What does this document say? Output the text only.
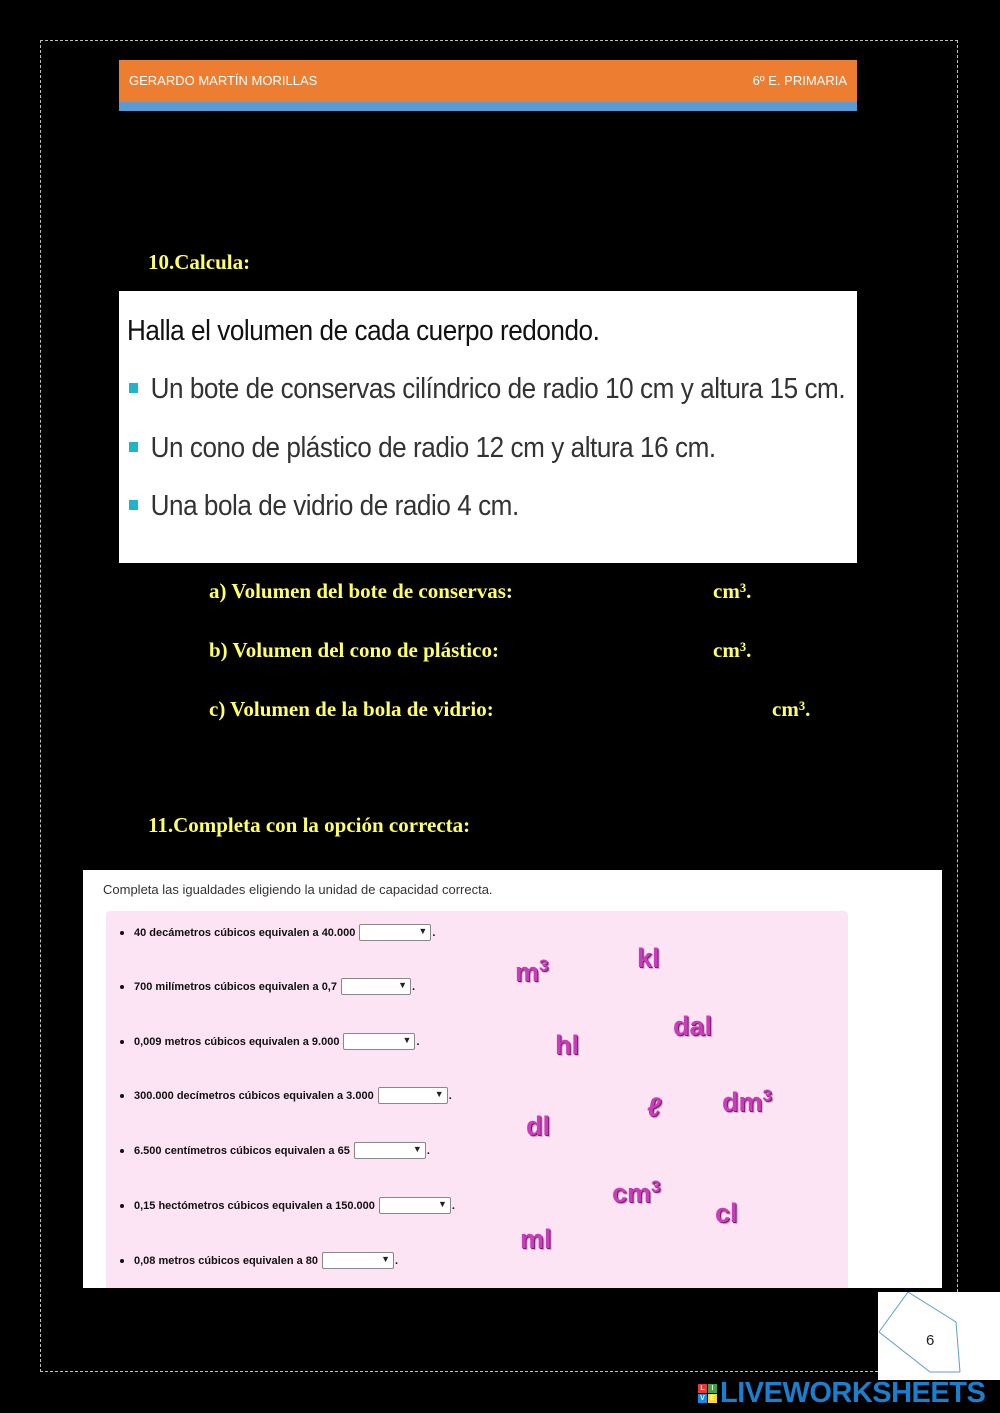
GERARDO MARTÍN MORILLAS	6º E. PRIMARIA
10.Calcula:
Halla el volumen de cada cuerpo redondo.
Un bote de conservas cilíndrico de radio 10 cm y altura 15 cm.
Un cono de plástico de radio 12 cm y altura 16 cm.
Una bola de vidrio de radio 4 cm.
a) Volumen del bote de conservas:	cm³.
b) Volumen del cono de plástico:	cm³.
c) Volumen de la bola de vidrio:	cm³.
11.Completa con la opción correcta:
Completa las igualdades eligiendo la unidad de capacidad correcta.
40 decámetros cúbicos equivalen a 40.000	▼ .
700 milímetros cúbicos equivalen a 0,7	▼ .
0,009 metros cúbicos equivalen a 9.000	▼ .
300.000 decímetros cúbicos equivalen a 3.000	▼ .
6.500 centímetros cúbicos equivalen a 65	▼ .
0,15 hectómetros cúbicos equivalen a 150.000	▼ .
0,08 metros cúbicos equivalen a 80	▼ .
$m^3$	kl
dal
hl
ℓ $dm^3$
dl
$cm^3$
cl
ml
6
L I
V E LIVEWORKSHEETS
